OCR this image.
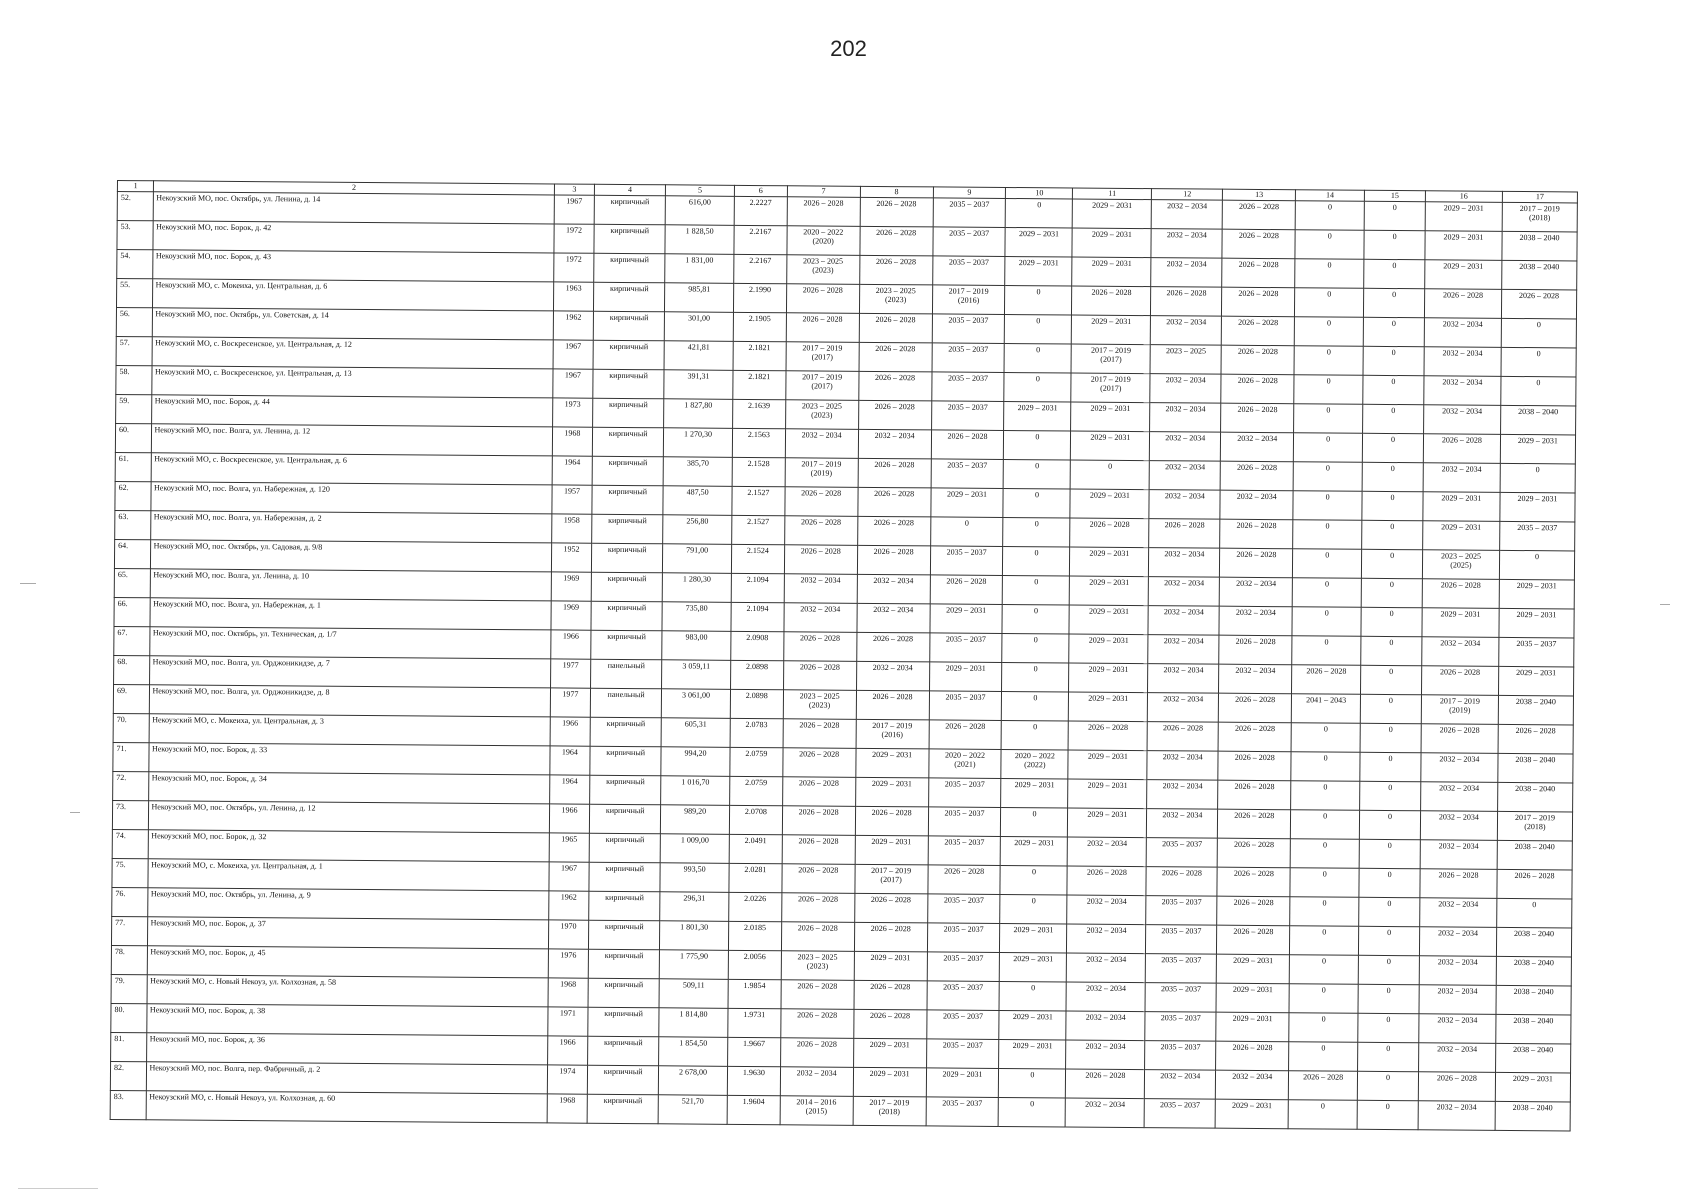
202
1	2	3	4	5	6	7	8	9	10	11	12	13	14	15	16	17
52.	Некоузский МО, пос. Октябрь, ул. Ленина, д. 14	1967	кирпичный	616,00	2.2227	2026 – 2028	2026 – 2028	2035 – 2037	0	2029 – 2031	2032 – 2034	2026 – 2028	0	0	2029 – 2031	2017 – 2019
(2018)
53.	Некоузский МО, пос. Борок, д. 42	1972	кирпичный	1 828,50	2.2167	2020 – 2022
(2020)	2026 – 2028	2035 – 2037	2029 – 2031	2029 – 2031	2032 – 2034	2026 – 2028	0	0	2029 – 2031	2038 – 2040
54.	Некоузский МО, пос. Борок, д. 43	1972	кирпичный	1 831,00	2.2167	2023 – 2025
(2023)	2026 – 2028	2035 – 2037	2029 – 2031	2029 – 2031	2032 – 2034	2026 – 2028	0	0	2029 – 2031	2038 – 2040
55.	Некоузский МО, с. Мокеиха, ул. Центральная, д. 6	1963	кирпичный	985,81	2.1990	2026 – 2028	2023 – 2025
(2023)	2017 – 2019
(2016)	0	2026 – 2028	2026 – 2028	2026 – 2028	0	0	2026 – 2028	2026 – 2028
56.	Некоузский МО, пос. Октябрь, ул. Советская, д. 14	1962	кирпичный	301,00	2.1905	2026 – 2028	2026 – 2028	2035 – 2037	0	2029 – 2031	2032 – 2034	2026 – 2028	0	0	2032 – 2034	0
57.	Некоузский МО, с. Воскресенское, ул. Центральная, д. 12	1967	кирпичный	421,81	2.1821	2017 – 2019
(2017)	2026 – 2028	2035 – 2037	0	2017 – 2019
(2017)	2023 – 2025	2026 – 2028	0	0	2032 – 2034	0
58.	Некоузский МО, с. Воскресенское, ул. Центральная, д. 13	1967	кирпичный	391,31	2.1821	2017 – 2019
(2017)	2026 – 2028	2035 – 2037	0	2017 – 2019
(2017)	2032 – 2034	2026 – 2028	0	0	2032 – 2034	0
59.	Некоузский МО, пос. Борок, д. 44	1973	кирпичный	1 827,80	2.1639	2023 – 2025
(2023)	2026 – 2028	2035 – 2037	2029 – 2031	2029 – 2031	2032 – 2034	2026 – 2028	0	0	2032 – 2034	2038 – 2040
60.	Некоузский МО, пос. Волга, ул. Ленина, д. 12	1968	кирпичный	1 270,30	2.1563	2032 – 2034	2032 – 2034	2026 – 2028	0	2029 – 2031	2032 – 2034	2032 – 2034	0	0	2026 – 2028	2029 – 2031
61.	Некоузский МО, с. Воскресенское, ул. Центральная, д. 6	1964	кирпичный	385,70	2.1528	2017 – 2019
(2019)	2026 – 2028	2035 – 2037	0	0	2032 – 2034	2026 – 2028	0	0	2032 – 2034	0
62.	Некоузский МО, пос. Волга, ул. Набережная, д. 120	1957	кирпичный	487,50	2.1527	2026 – 2028	2026 – 2028	2029 – 2031	0	2029 – 2031	2032 – 2034	2032 – 2034	0	0	2029 – 2031	2029 – 2031
63.	Некоузский МО, пос. Волга, ул. Набережная, д. 2	1958	кирпичный	256,80	2.1527	2026 – 2028	2026 – 2028	0	0	2026 – 2028	2026 – 2028	2026 – 2028	0	0	2029 – 2031	2035 – 2037
64.	Некоузский МО, пос. Октябрь, ул. Садовая, д. 9/8	1952	кирпичный	791,00	2.1524	2026 – 2028	2026 – 2028	2035 – 2037	0	2029 – 2031	2032 – 2034	2026 – 2028	0	0	2023 – 2025
(2025)	0
65.	Некоузский МО, пос. Волга, ул. Ленина, д. 10	1969	кирпичный	1 280,30	2.1094	2032 – 2034	2032 – 2034	2026 – 2028	0	2029 – 2031	2032 – 2034	2032 – 2034	0	0	2026 – 2028	2029 – 2031
66.	Некоузский МО, пос. Волга, ул. Набережная, д. 1	1969	кирпичный	735,80	2.1094	2032 – 2034	2032 – 2034	2029 – 2031	0	2029 – 2031	2032 – 2034	2032 – 2034	0	0	2029 – 2031	2029 – 2031
67.	Некоузский МО, пос. Октябрь, ул. Техническая, д. 1/7	1966	кирпичный	983,00	2.0908	2026 – 2028	2026 – 2028	2035 – 2037	0	2029 – 2031	2032 – 2034	2026 – 2028	0	0	2032 – 2034	2035 – 2037
68.	Некоузский МО, пос. Волга, ул. Орджоникидзе, д. 7	1977	панельный	3 059,11	2.0898	2026 – 2028	2032 – 2034	2029 – 2031	0	2029 – 2031	2032 – 2034	2032 – 2034	2026 – 2028	0	2026 – 2028	2029 – 2031
69.	Некоузский МО, пос. Волга, ул. Орджоникидзе, д. 8	1977	панельный	3 061,00	2.0898	2023 – 2025
(2023)	2026 – 2028	2035 – 2037	0	2029 – 2031	2032 – 2034	2026 – 2028	2041 – 2043	0	2017 – 2019
(2019)	2038 – 2040
70.	Некоузский МО, с. Мокеиха, ул. Центральная, д. 3	1966	кирпичный	605,31	2.0783	2026 – 2028	2017 – 2019
(2016)	2026 – 2028	0	2026 – 2028	2026 – 2028	2026 – 2028	0	0	2026 – 2028	2026 – 2028
71.	Некоузский МО, пос. Борок, д. 33	1964	кирпичный	994,20	2.0759	2026 – 2028	2029 – 2031	2020 – 2022
(2021)	2020 – 2022
(2022)	2029 – 2031	2032 – 2034	2026 – 2028	0	0	2032 – 2034	2038 – 2040
72.	Некоузский МО, пос. Борок, д. 34	1964	кирпичный	1 016,70	2.0759	2026 – 2028	2029 – 2031	2035 – 2037	2029 – 2031	2029 – 2031	2032 – 2034	2026 – 2028	0	0	2032 – 2034	2038 – 2040
73.	Некоузский МО, пос. Октябрь, ул. Ленина, д. 12	1966	кирпичный	989,20	2.0708	2026 – 2028	2026 – 2028	2035 – 2037	0	2029 – 2031	2032 – 2034	2026 – 2028	0	0	2032 – 2034	2017 – 2019
(2018)
74.	Некоузский МО, пос. Борок, д. 32	1965	кирпичный	1 009,00	2.0491	2026 – 2028	2029 – 2031	2035 – 2037	2029 – 2031	2032 – 2034	2035 – 2037	2026 – 2028	0	0	2032 – 2034	2038 – 2040
75.	Некоузский МО, с. Мокеиха, ул. Центральная, д. 1	1967	кирпичный	993,50	2.0281	2026 – 2028	2017 – 2019
(2017)	2026 – 2028	0	2026 – 2028	2026 – 2028	2026 – 2028	0	0	2026 – 2028	2026 – 2028
76.	Некоузский МО, пос. Октябрь, ул. Ленина, д. 9	1962	кирпичный	296,31	2.0226	2026 – 2028	2026 – 2028	2035 – 2037	0	2032 – 2034	2035 – 2037	2026 – 2028	0	0	2032 – 2034	0
77.	Некоузский МО, пос. Борок, д. 37	1970	кирпичный	1 801,30	2.0185	2026 – 2028	2026 – 2028	2035 – 2037	2029 – 2031	2032 – 2034	2035 – 2037	2026 – 2028	0	0	2032 – 2034	2038 – 2040
78.	Некоузский МО, пос. Борок, д. 45	1976	кирпичный	1 775,90	2.0056	2023 – 2025
(2023)	2029 – 2031	2035 – 2037	2029 – 2031	2032 – 2034	2035 – 2037	2029 – 2031	0	0	2032 – 2034	2038 – 2040
79.	Некоузский МО, с. Новый Некоуз, ул. Колхозная, д. 58	1968	кирпичный	509,11	1.9854	2026 – 2028	2026 – 2028	2035 – 2037	0	2032 – 2034	2035 – 2037	2029 – 2031	0	0	2032 – 2034	2038 – 2040
80.	Некоузский МО, пос. Борок, д. 38	1971	кирпичный	1 814,80	1.9731	2026 – 2028	2026 – 2028	2035 – 2037	2029 – 2031	2032 – 2034	2035 – 2037	2029 – 2031	0	0	2032 – 2034	2038 – 2040
81.	Некоузский МО, пос. Борок, д. 36	1966	кирпичный	1 854,50	1.9667	2026 – 2028	2029 – 2031	2035 – 2037	2029 – 2031	2032 – 2034	2035 – 2037	2026 – 2028	0	0	2032 – 2034	2038 – 2040
82.	Некоузский МО, пос. Волга, пер. Фабричный, д. 2	1974	кирпичный	2 678,00	1.9630	2032 – 2034	2029 – 2031	2029 – 2031	0	2026 – 2028	2032 – 2034	2032 – 2034	2026 – 2028	0	2026 – 2028	2029 – 2031
83.	Некоузский МО, с. Новый Некоуз, ул. Колхозная, д. 60	1968	кирпичный	521,70	1.9604	2014 – 2016
(2015)	2017 – 2019
(2018)	2035 – 2037	0	2032 – 2034	2035 – 2037	2029 – 2031	0	0	2032 – 2034	2038 – 2040
